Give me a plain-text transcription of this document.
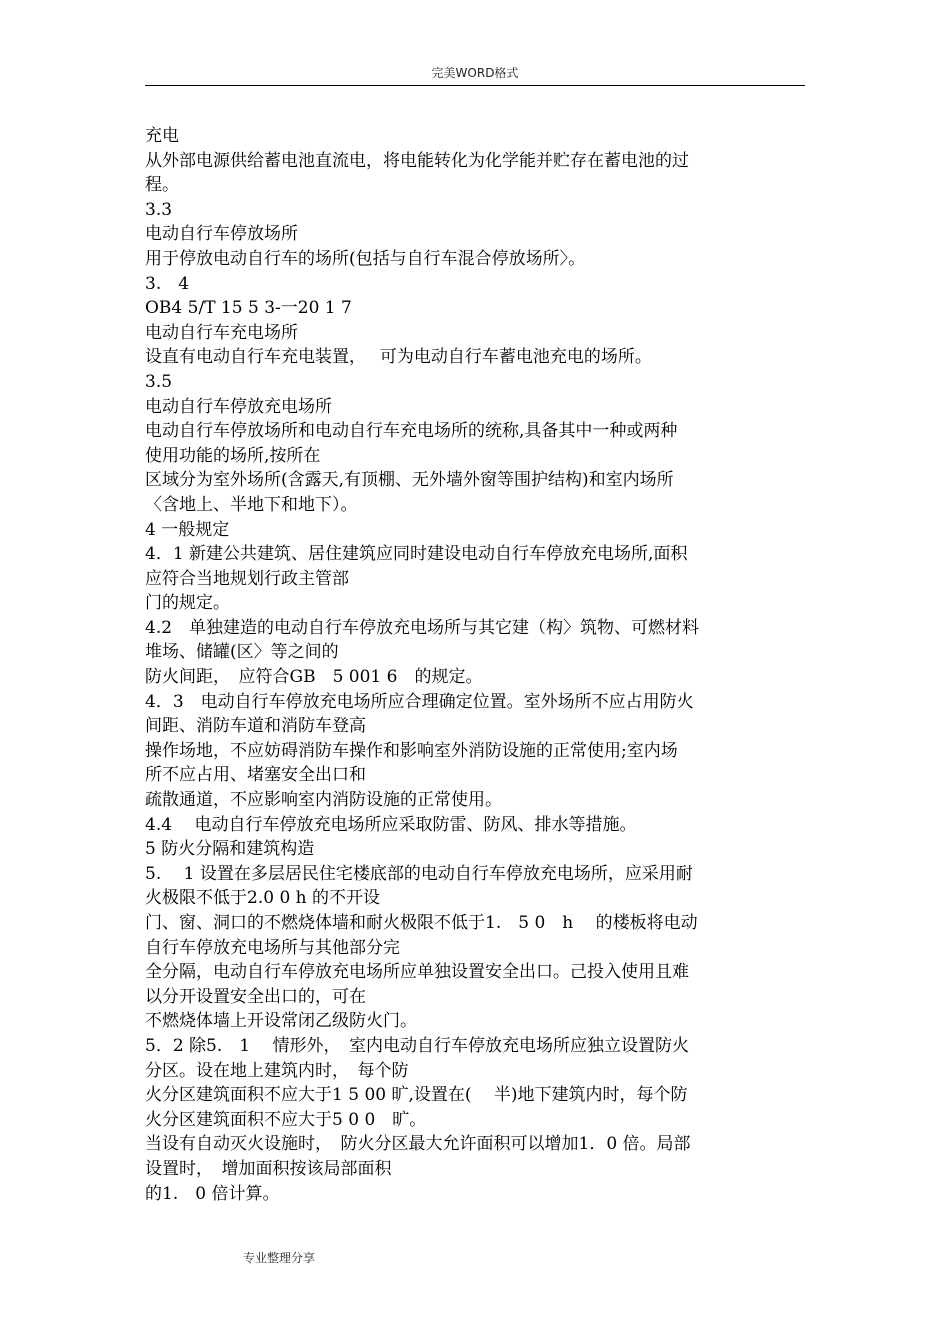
完美WORD格式
充电
从外部电源供给蓄电池直流电，将电能转化为化学能并贮存在蓄电池的过
程。
3.3
电动自行车停放场所
用于停放电动自行车的场所(包括与自行车混合停放场所〉。
3.　4
OB4 5/T 15 5 3-一20 1 7
电动自行车充电场所
设直有电动自行车充电装置，　 可为电动自行车蓄电池充电的场所。
3.5
电动自行车停放充电场所
电动自行车停放场所和电动自行车充电场所的统称,具备其中一种或两种
使用功能的场所,按所在
区域分为室外场所(含露天,有顶棚、无外墙外窗等围护结构)和室内场所
〈含地上、半地下和地下）。
4 一般规定
4．1 新建公共建筑、居住建筑应同时建设电动自行车停放充电场所,面积
应符合当地规划行政主管部
门的规定。
4.2　单独建造的电动自行车停放充电场所与其它建（构〉筑物、可燃材料
堆场、储罐(区〉等之间的
防火间距，　应符合GB　5 001 6　的规定。
4．3　电动自行车停放充电场所应合理确定位置。室外场所不应占用防火
间距、消防车道和消防车登高
操作场地，不应妨碍消防车操作和影响室外消防设施的正常使用;室内场
所不应占用、堵塞安全出口和
疏散通道，不应影响室内消防设施的正常使用。
4.4　 电动自行车停放充电场所应采取防雷、防风、排水等措施。
5 防火分隔和建筑构造
5.　 1 设置在多层居民住宅楼底部的电动自行车停放充电场所，应采用耐
火极限不低于2.0 0 h 的不开设
门、窗、洞口的不燃烧体墙和耐火极限不低于1.　5 0　h　 的楼板将电动
自行车停放充电场所与其他部分完
全分隔，电动自行车停放充电场所应单独设置安全出口。己投入使用且难
以分开设置安全出口的，可在
不燃烧体墙上开设常闭乙级防火门。
5．2 除5.　1　 情形外，　室内电动自行车停放充电场所应独立设置防火
分区。设在地上建筑内时，　每个防
火分区建筑面积不应大于1 5 00 旷,设置在(　 半)地下建筑内时，每个防
火分区建筑面积不应大于5 0 0　旷。
当设有自动灭火设施时，　防火分区最大允许面积可以增加1．0 倍。局部
设置时，　增加面积按该局部面积
的1.　0 倍计算。
专业整理分享
